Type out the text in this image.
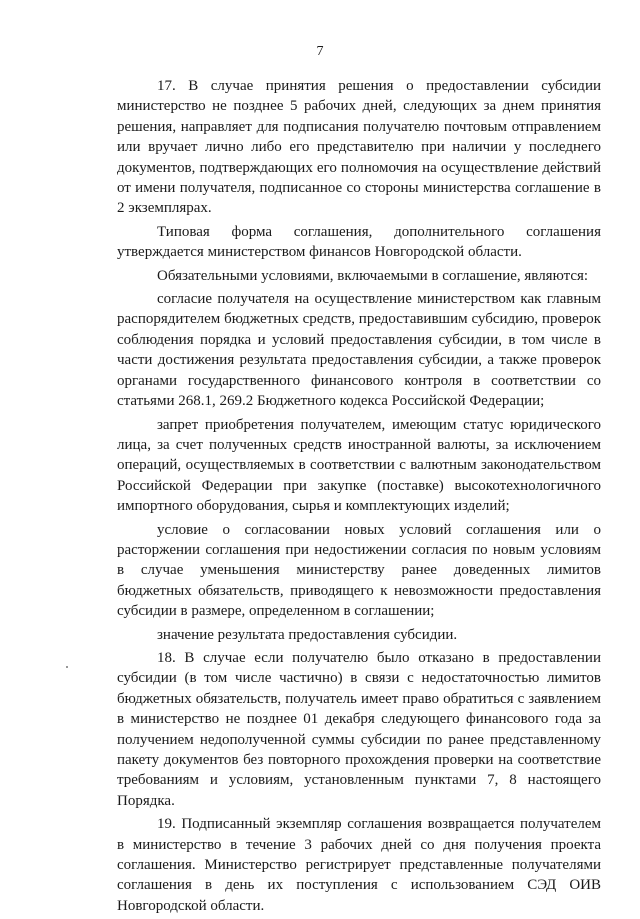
7

17. В случае принятия решения о предоставлении субсидии министерство не позднее 5 рабочих дней, следующих за днем принятия решения, направляет для подписания получателю почтовым отправлением или вручает лично либо его представителю при наличии у последнего документов, подтверждающих его полномочия на осуществление действий от имени получателя, подписанное со стороны министерства соглашение в 2 экземплярах.

Типовая форма соглашения, дополнительного соглашения утверждается министерством финансов Новгородской области.

Обязательными условиями, включаемыми в соглашение, являются:

согласие получателя на осуществление министерством как главным распорядителем бюджетных средств, предоставившим субсидию, проверок соблюдения порядка и условий предоставления субсидии, в том числе в части достижения результата предоставления субсидии, а также проверок органами государственного финансового контроля в соответствии со статьями 268.1, 269.2 Бюджетного кодекса Российской Федерации;

запрет приобретения получателем, имеющим статус юридического лица, за счет полученных средств иностранной валюты, за исключением операций, осуществляемых в соответствии с валютным законодательством Российской Федерации при закупке (поставке) высокотехнологичного импортного оборудования, сырья и комплектующих изделий;

условие о согласовании новых условий соглашения или о расторжении соглашения при недостижении согласия по новым условиям в случае уменьшения министерству ранее доведенных лимитов бюджетных обязательств, приводящего к невозможности предоставления субсидии в размере, определенном в соглашении;

значение результата предоставления субсидии.

18. В случае если получателю было отказано в предоставлении субсидии (в том числе частично) в связи с недостаточностью лимитов бюджетных обязательств, получатель имеет право обратиться с заявлением в министерство не позднее 01 декабря следующего финансового года за получением недополученной суммы субсидии по ранее представленному пакету документов без повторного прохождения проверки на соответствие требованиям и условиям, установленным пунктами 7, 8 настоящего Порядка.

19. Подписанный экземпляр соглашения возвращается получателем в министерство в течение 3 рабочих дней со дня получения проекта соглашения. Министерство регистрирует представленные получателями соглашения в день их поступления с использованием СЭД ОИВ Новгородской области.
